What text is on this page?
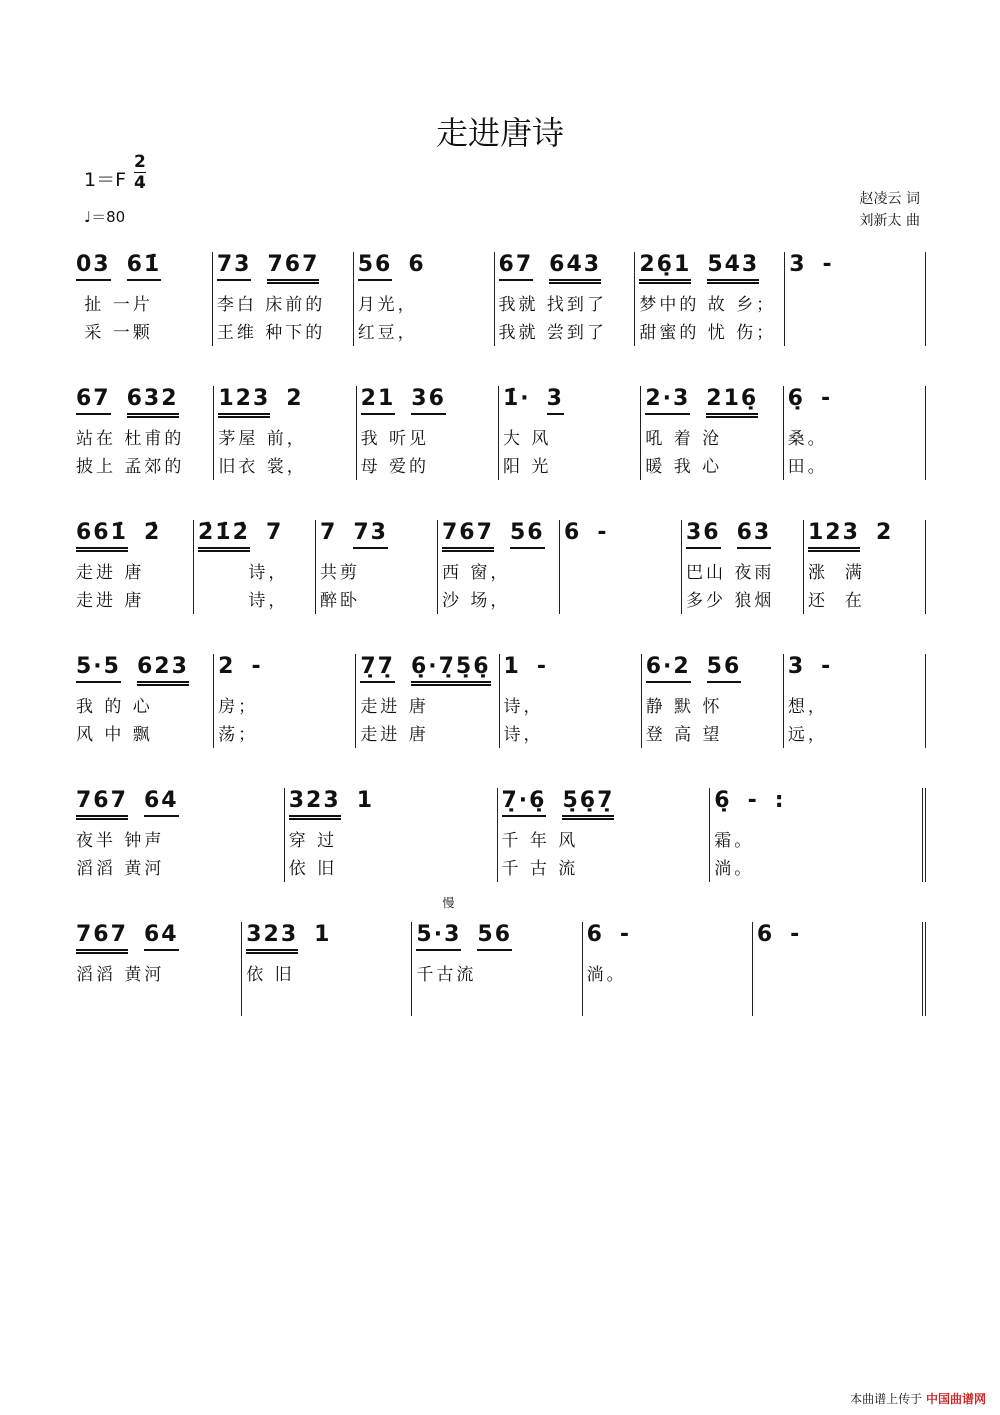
走进唐诗
1＝F
2
4
♩＝80
赵凌云 词
刘新太 曲
03 61̇
扯 一片
采 一颗
73 767
李白 床前的
王维 种下的
56 6
月光，
红豆，
67 643
我就 找到了
我就 尝到了
26̣1 543
梦中的 故 乡；
甜蜜的 忧 伤；
3 -
67 632
站在 杜甫的
披上 孟郊的
123 2
茅屋 前，
旧衣 裳，
21 36
我 听见
母 爱的
1̇· 3
大 风
阳 光
2·3 216̣
吼 着 沧
暖 我 心
6̣ -
桑。
田。
661̇ 2̇
走进 唐
走进 唐
2̇1̇2̇ 7
诗，
诗，
7 73
共剪
醉卧
767 56
西 窗，
沙 场，
6 -	36 63
巴山 夜雨
多少 狼烟
123 2
涨  满
还  在
5·5 623
我 的 心
风 中 飘
2 -
房；
荡；
7̣7̣ 6̣·7̣5̣6̣
走进 唐
走进 唐
1 -
诗，
诗，
6·2 56
静 默 怀
登 高 望
3 -
想，
远，
767 64
夜半 钟声
滔滔 黄河
323 1
穿 过
依 旧
7̣·6̣ 5̣6̣7̣
千 年 风
千 古 流
6̣ - :
霜。
淌。
767 64
滔滔 黄河
323 1
依 旧
5·3 56
慢
千古流
6 -
淌。
6 -
本曲谱上传于 中国曲谱网
